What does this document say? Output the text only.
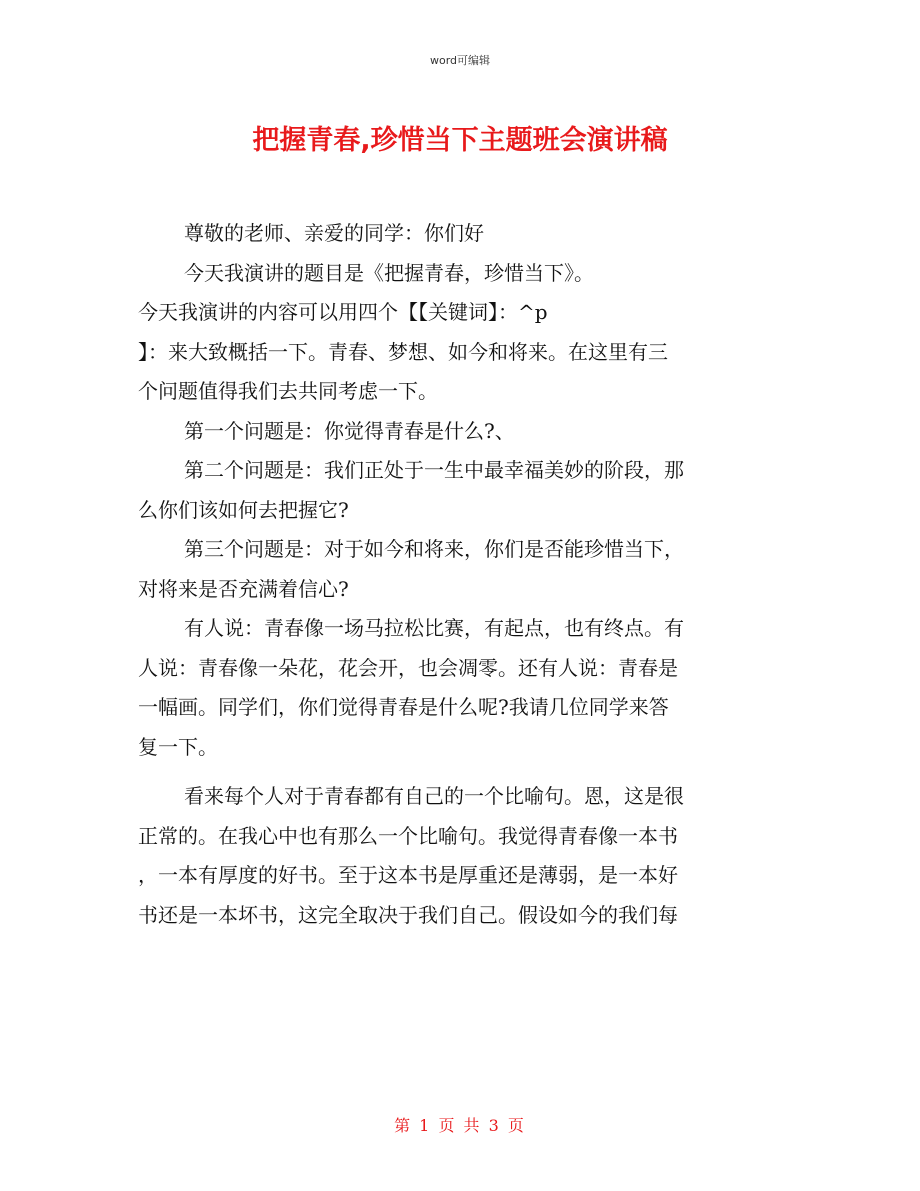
word可编辑
把握青春,珍惜当下主题班会演讲稿
尊敬的老师、亲爱的同学：你们好
今天我演讲的题目是《把握青春，珍惜当下》。
今天我演讲的内容可以用四个【【关键词】：^p
】：来大致概括一下。青春、梦想、如今和将来。在这里有三
个问题值得我们去共同考虑一下。
第一个问题是：你觉得青春是什么?、
第二个问题是：我们正处于一生中最幸福美妙的阶段，那
么你们该如何去把握它?
第三个问题是：对于如今和将来，你们是否能珍惜当下，
对将来是否充满着信心?
有人说：青春像一场马拉松比赛，有起点，也有终点。有
人说：青春像一朵花，花会开，也会凋零。还有人说：青春是
一幅画。同学们，你们觉得青春是什么呢?我请几位同学来答
复一下。
看来每个人对于青春都有自己的一个比喻句。恩，这是很
正常的。在我心中也有那么一个比喻句。我觉得青春像一本书
，一本有厚度的好书。至于这本书是厚重还是薄弱，是一本好
书还是一本坏书，这完全取决于我们自己。假设如今的我们每
第 1 页 共 3 页
